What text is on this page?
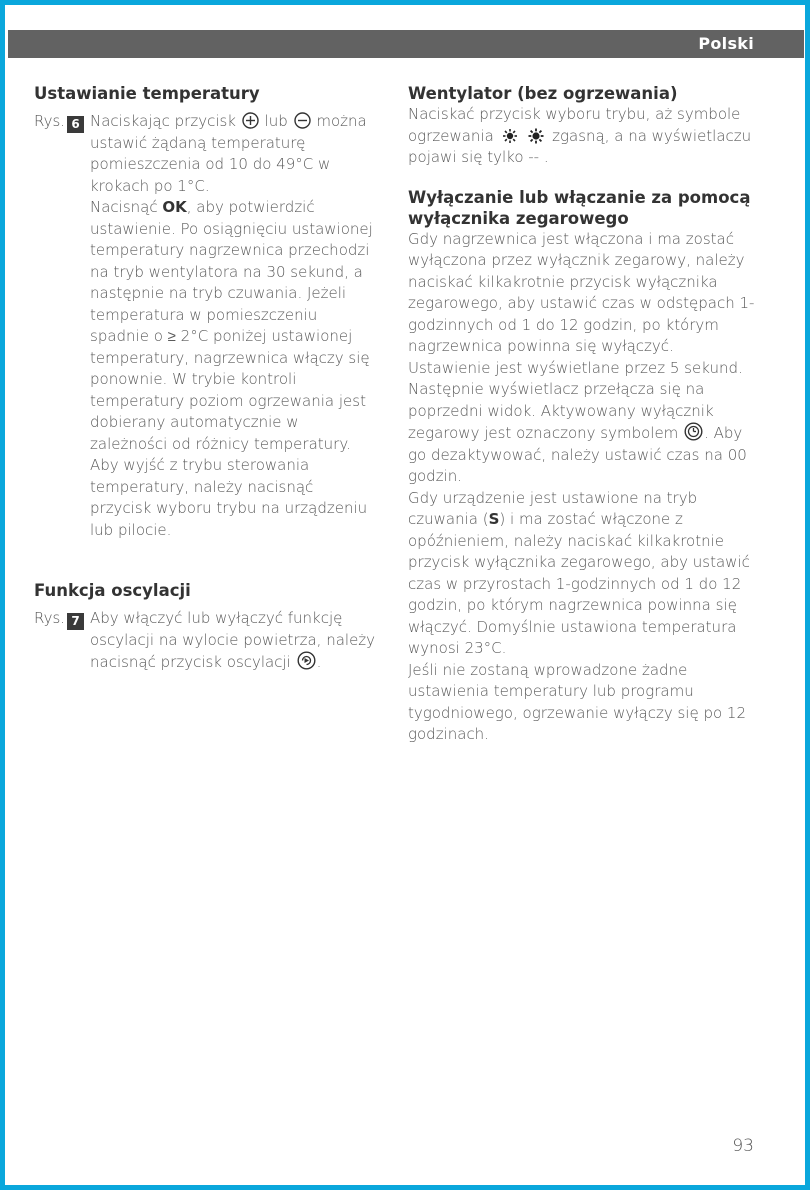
Polski
Ustawianie temperatury
Rys. 6 Naciskając przycisk lub można ustawić żądaną temperaturę pomieszczenia od 10 do 49°C w krokach po 1°C.

Nacisnąć OK, aby potwierdzić ustawienie. Po osiągnięciu ustawionej temperatury nagrzewnica przechodzi na tryb wentylatora na 30 sekund, a następnie na tryb czuwania. Jeżeli temperatura w pomieszczeniu spadnie o ≥ 2°C poniżej ustawionej temperatury, nagrzewnica włączy się ponownie. W trybie kontroli temperatury poziom ogrzewania jest dobierany automatycznie w zależności od różnicy temperatury.

Aby wyjść z trybu sterowania temperatury, należy nacisnąć przycisk wyboru trybu na urządzeniu lub pilocie.

Funkcja oscylacji
Rys. 7 Aby włączyć lub wyłączyć funkcję oscylacji na wylocie powietrza, należy nacisnąć przycisk oscylacji .

Wentylator (bez ogrzewania)

Naciskać przycisk wyboru trybu, aż symbole ogrzewania	zgasną, a na wyświetlaczu pojawi się tylko -- .

Wyłączanie lub włączanie za pomocą wyłącznika zegarowego

Gdy nagrzewnica jest włączona i ma zostać wyłączona przez wyłącznik zegarowy, należy naciskać kilkakrotnie przycisk wyłącznika zegarowego, aby ustawić czas w odstępach 1-godzinnych od 1 do 12 godzin, po którym nagrzewnica powinna się wyłączyć. Ustawienie jest wyświetlane przez 5 sekund. Następnie wyświetlacz przełącza się na poprzedni widok. Aktywowany wyłącznik zegarowy jest oznaczony symbolem . Aby go dezaktywować, należy ustawić czas na 00 godzin.

Gdy urządzenie jest ustawione na tryb czuwania (S) i ma zostać włączone z opóźnieniem, należy naciskać kilkakrotnie przycisk wyłącznika zegarowego, aby ustawić czas w przyrostach 1-godzinnych od 1 do 12 godzin, po którym nagrzewnica powinna się włączyć. Domyślnie ustawiona temperatura wynosi 23°C.

Jeśli nie zostaną wprowadzone żadne ustawienia temperatury lub programu tygodniowego, ogrzewanie wyłączy się po 12 godzinach.

93
